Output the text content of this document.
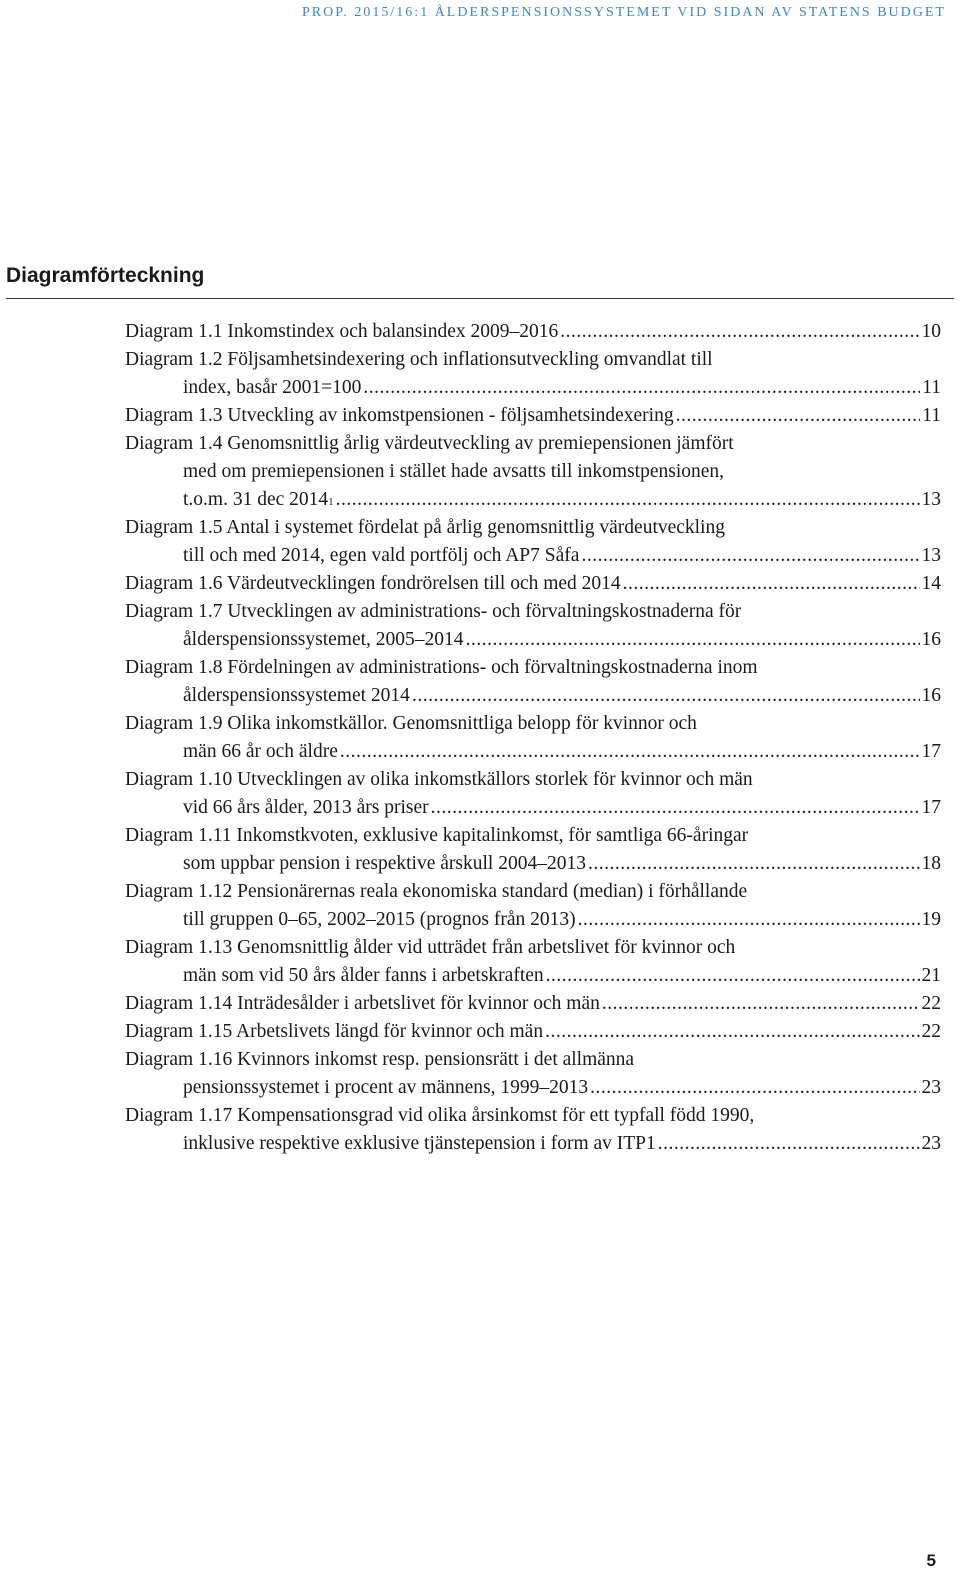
PROP. 2015/16:1 ÅLDERSPENSIONSSYSTEMET VID SIDAN AV STATENS BUDGET
Diagramförteckning
Diagram 1.1 Inkomstindex och balansindex 2009–2016 .....	10
Diagram 1.2 Följsamhetsindexering och inflationsutveckling omvandlat till
index, basår 2001=100 .....	11
Diagram 1.3 Utveckling av inkomstpensionen - följsamhetsindexering .....	11
Diagram 1.4 Genomsnittlig årlig värdeutveckling av premiepensionen jämfört
med om premiepensionen i stället hade avsatts till inkomstpensionen,
t.o.m. 31 dec 2014 1 .....	13
Diagram 1.5 Antal i systemet fördelat på årlig genomsnittlig värdeutveckling
till och med 2014, egen vald portfölj och AP7 Såfa .....	13
Diagram 1.6 Värdeutvecklingen fondrörelsen till och med 2014 .....	14
Diagram 1.7 Utvecklingen av administrations- och förvaltningskostnaderna för
ålderspensionssystemet, 2005–2014 .....	16
Diagram 1.8 Fördelningen av administrations- och förvaltningskostnaderna inom
ålderspensionssystemet 2014 .....	16
Diagram 1.9 Olika inkomstkällor. Genomsnittliga belopp för kvinnor och
män 66 år och äldre .....	17
Diagram 1.10 Utvecklingen av olika inkomstkällors storlek för kvinnor och män
vid 66 års ålder, 2013 års priser .....	17
Diagram 1.11 Inkomstkvoten, exklusive kapitalinkomst, för samtliga 66-åringar
som uppbar pension i respektive årskull 2004–2013 .....	18
Diagram 1.12 Pensionärernas reala ekonomiska standard (median) i förhållande
till gruppen 0–65, 2002–2015 (prognos från 2013) .....	19
Diagram 1.13 Genomsnittlig ålder vid utträdet från arbetslivet för kvinnor och
män som vid 50 års ålder fanns i arbetskraften .....	21
Diagram 1.14 Inträdesålder i arbetslivet för kvinnor och män .....	22
Diagram 1.15 Arbetslivets längd för kvinnor och män .....	22
Diagram 1.16 Kvinnors inkomst resp. pensionsrätt i det allmänna
pensionssystemet i procent av männens, 1999–2013 .....	23
Diagram 1.17 Kompensationsgrad vid olika årsinkomst för ett typfall född 1990,
inklusive respektive exklusive tjänstepension i form av ITP1 .....	23
5
